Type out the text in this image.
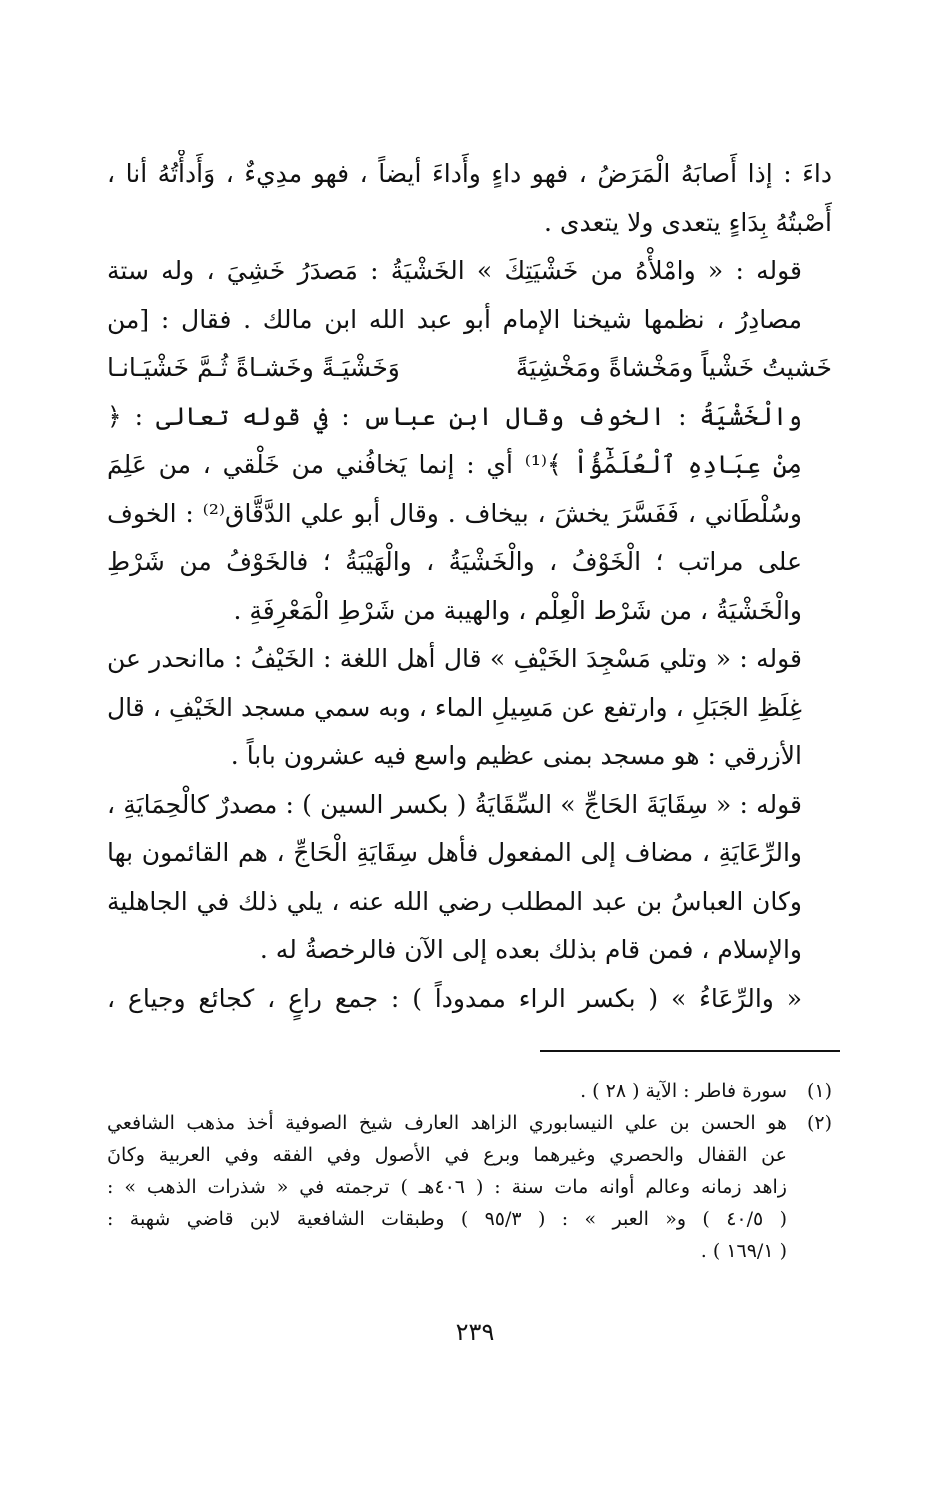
داءَ : إذا أَصابَهُ الْمَرَضُ ، فهو داءٍ وأَداءَ أيضاً ، فهو مدِيءٌ ، وَأَدأْتُهُ أنا ،
أَصْبتُهُ بِدَاءٍ يتعدى ولا يتعدى .

قوله : « وامْلأْهُ من خَشْيَتِكَ » الخَشْيَةُ : مَصدَرُ خَشِيَ ، وله ستة
مصادِرُ ، نظمها شيخنا الإمام أبو عبد الله ابن مالك . فقال : [من

خَشيتُ خَشْياً ومَخْشاةً ومَخْشِيَةً
وَخَشْيَـةً وخَشـاةً ثُـمَّ خَشْيَـانـا

والْخَشْيَةُ : الخوف وقال ابن عباس : في قوله تعالى : ﴿
مِنْ عِبَادِهِ ٱلْعُلَمَٰٓؤُاْ ﴾⁽¹⁾ أي : إنما يَخافُني من خَلْقي ، من عَلِمَ
وسُلْطَاني ، فَفَسَّرَ يخشَ ، بيخاف . وقال أبو علي الدَّقَّاق⁽²⁾ : الخوف
على مراتب ؛ الْخَوْفُ ، والْخَشْيَةُ ، والْهَيْبَةُ ؛ فالخَوْفُ من شَرْطِ
والْخَشْيَةُ ، من شَرْط الْعِلْم ، والهيبة من شَرْطِ الْمَعْرِفَةِ .

قوله : « وتلي مَسْجِدَ الخَيْفِ » قال أهل اللغة : الخَيْفُ : ماانحدر عن
غِلَظِ الجَبَلِ ، وارتفع عن مَسِيلِ الماء ، وبه سمي مسجد الخَيْفِ ، قال
الأزرقي : هو مسجد بمنى عظيم واسع فيه عشرون باباً .

قوله : « سِقَايَةَ الحَاجِّ » السِّقَايَةُ ( بكسر السين ) : مصدرٌ كالْحِمَايَةِ ،
والرِّعَايَةِ ، مضاف إلى المفعول فأهل سِقَايَةِ الْحَاجِّ ، هم القائمون بها
وكان العباسُ بن عبد المطلب رضي الله عنه ، يلي ذلك في الجاهلية
والإسلام ، فمن قام بذلك بعده إلى الآن فالرخصةُ له .

« والرِّعَاءُ » ( بكسر الراء ممدوداً ) : جمع راعٍ ، كجائع وجياع ،

(١)
سورة فاطر : الآية ( ٢٨ ) .
(٢)
هو الحسن بن علي النيسابوري الزاهد العارف شيخ الصوفية أخذ مذهب الشافعي
عن القفال والحصري وغيرهما وبرع في الأصول وفي الفقه وفي العربية وكانَ
زاهد زمانه وعالم أوانه مات سنة : ( ٤٠٦هـ ) ترجمته في « شذرات الذهب » :
( ٤٠/٥ ) و« العبر » : ( ٩٥/٣ ) وطبقات الشافعية لابن قاضي شهبة :
( ١٦٩/١ ) .
٢٣٩
